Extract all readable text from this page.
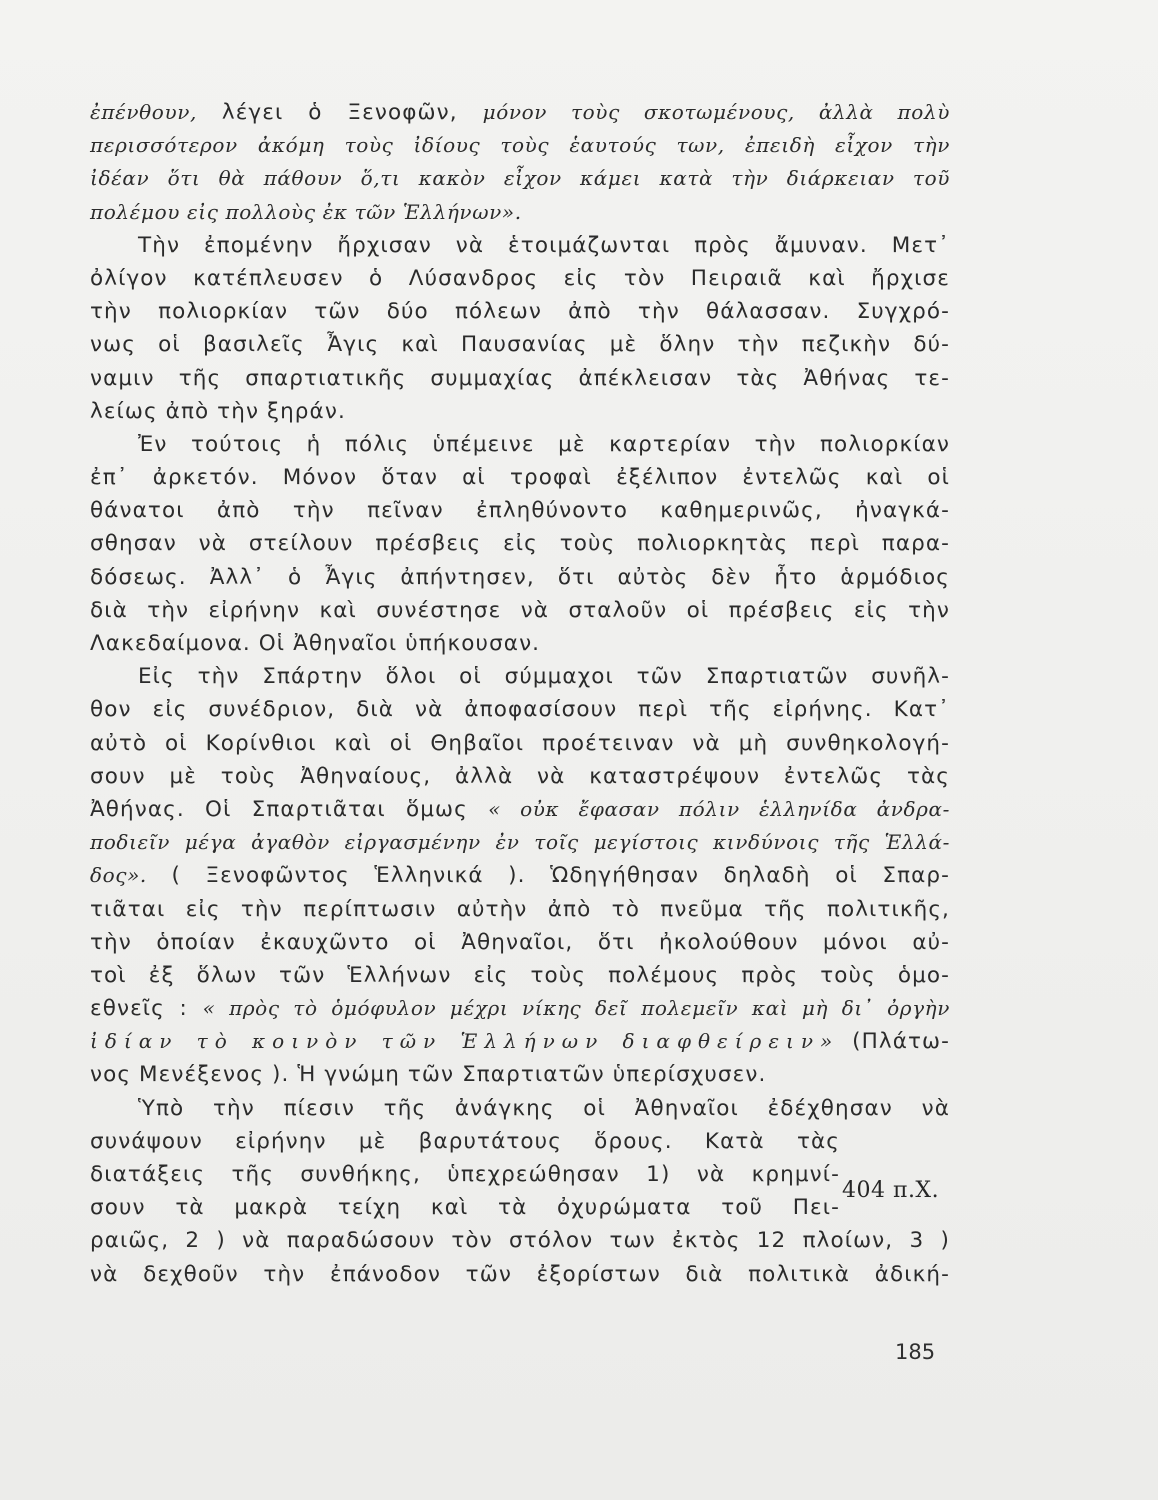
ἐπένθουν, λέγει ὁ Ξενοφῶν, μόνον τοὺς σκοτωμένους, ἀλλὰ πολὺ
περισσότερον ἀκόμη τοὺς ἰδίους τοὺς ἑαυτούς των, ἐπειδὴ εἶχον τὴν
ἰδέαν ὅτι θὰ πάθουν ὅ,τι κακὸν εἶχον κάμει κατὰ τὴν διάρκειαν τοῦ
πολέμου εἰς πολλοὺς ἐκ τῶν Ἑλλήνων».
Τὴν ἐπομένην ἤρχισαν νὰ ἑτοιμάζωνται πρὸς ἄμυναν. Μετ᾽
ὀλίγον κατέπλευσεν ὁ Λύσανδρος εἰς τὸν Πειραιᾶ καὶ ἤρχισε
τὴν πολιορκίαν τῶν δύο πόλεων ἀπὸ τὴν θάλασσαν. Συγχρό-
νως οἱ βασιλεῖς Ἆγις καὶ Παυσανίας μὲ ὅλην τὴν πεζικὴν δύ-
ναμιν τῆς σπαρτιατικῆς συμμαχίας ἀπέκλεισαν τὰς Ἀθήνας τε-
λείως ἀπὸ τὴν ξηράν.
Ἐν τούτοις ἡ πόλις ὑπέμεινε μὲ καρτερίαν τὴν πολιορκίαν
ἐπ᾽ ἀρκετόν. Μόνον ὅταν αἱ τροφαὶ ἐξέλιπον ἐντελῶς καὶ οἱ
θάνατοι ἀπὸ τὴν πεῖναν ἐπληθύνοντο καθημερινῶς, ἠναγκά-
σθησαν νὰ στείλουν πρέσβεις εἰς τοὺς πολιορκητὰς περὶ παρα-
δόσεως. Ἀλλ᾽ ὁ Ἆγις ἀπήντησεν, ὅτι αὐτὸς δὲν ἦτο ἁρμόδιος
διὰ τὴν εἰρήνην καὶ συνέστησε νὰ σταλοῦν οἱ πρέσβεις εἰς τὴν
Λακεδαίμονα. Οἱ Ἀθηναῖοι ὑπήκουσαν.
Εἰς τὴν Σπάρτην ὅλοι οἱ σύμμαχοι τῶν Σπαρτιατῶν συνῆλ-
θον εἰς συνέδριον, διὰ νὰ ἀποφασίσουν περὶ τῆς εἰρήνης. Κατ᾽
αὐτὸ οἱ Κορίνθιοι καὶ οἱ Θηβαῖοι προέτειναν νὰ μὴ συνθηκολογή-
σουν μὲ τοὺς Ἀθηναίους, ἀλλὰ νὰ καταστρέψουν ἐντελῶς τὰς
Ἀθήνας. Οἱ Σπαρτιᾶται ὅμως « οὐκ ἔφασαν πόλιν ἑλληνίδα ἀνδρα-
ποδιεῖν μέγα ἀγαθὸν εἰργασμένην ἐν τοῖς μεγίστοις κινδύνοις τῆς Ἑλλά-
δος». ( Ξενοφῶντος Ἑλληνικά ). Ὡδηγήθησαν δηλαδὴ οἱ Σπαρ-
τιᾶται εἰς τὴν περίπτωσιν αὐτὴν ἀπὸ τὸ πνεῦμα τῆς πολιτικῆς,
τὴν ὁποίαν ἐκαυχῶντο οἱ Ἀθηναῖοι, ὅτι ἠκολούθουν μόνοι αὐ-
τοὶ ἐξ ὅλων τῶν Ἑλλήνων εἰς τοὺς πολέμους πρὸς τοὺς ὁμο-
εθνεῖς : « πρὸς τὸ ὁμόφυλον μέχρι νίκης δεῖ πολεμεῖν καὶ μὴ δι᾽ ὀργὴν
ἰδίαν τὸ κοινὸν τῶν Ἑλλήνων διαφθείρειν» (Πλάτω-
νος Μενέξενος ). Ἡ γνώμη τῶν Σπαρτιατῶν ὑπερίσχυσεν.
Ὑπὸ τὴν πίεσιν τῆς ἀνάγκης οἱ Ἀθηναῖοι ἐδέχθησαν νὰ
συνάψουν εἰρήνην μὲ βαρυτάτους ὅρους. Κατὰ τὰς
διατάξεις τῆς συνθήκης, ὑπεχρεώθησαν 1) νὰ κρημνί-
σουν τὰ μακρὰ τείχη καὶ τὰ ὀχυρώματα τοῦ Πει-
ραιῶς, 2 ) νὰ παραδώσουν τὸν στόλον των ἐκτὸς 12 πλοίων, 3 )
νὰ δεχθοῦν τὴν ἐπάνοδον τῶν ἐξορίστων διὰ πολιτικὰ ἀδική-
404 π.Χ.
185
